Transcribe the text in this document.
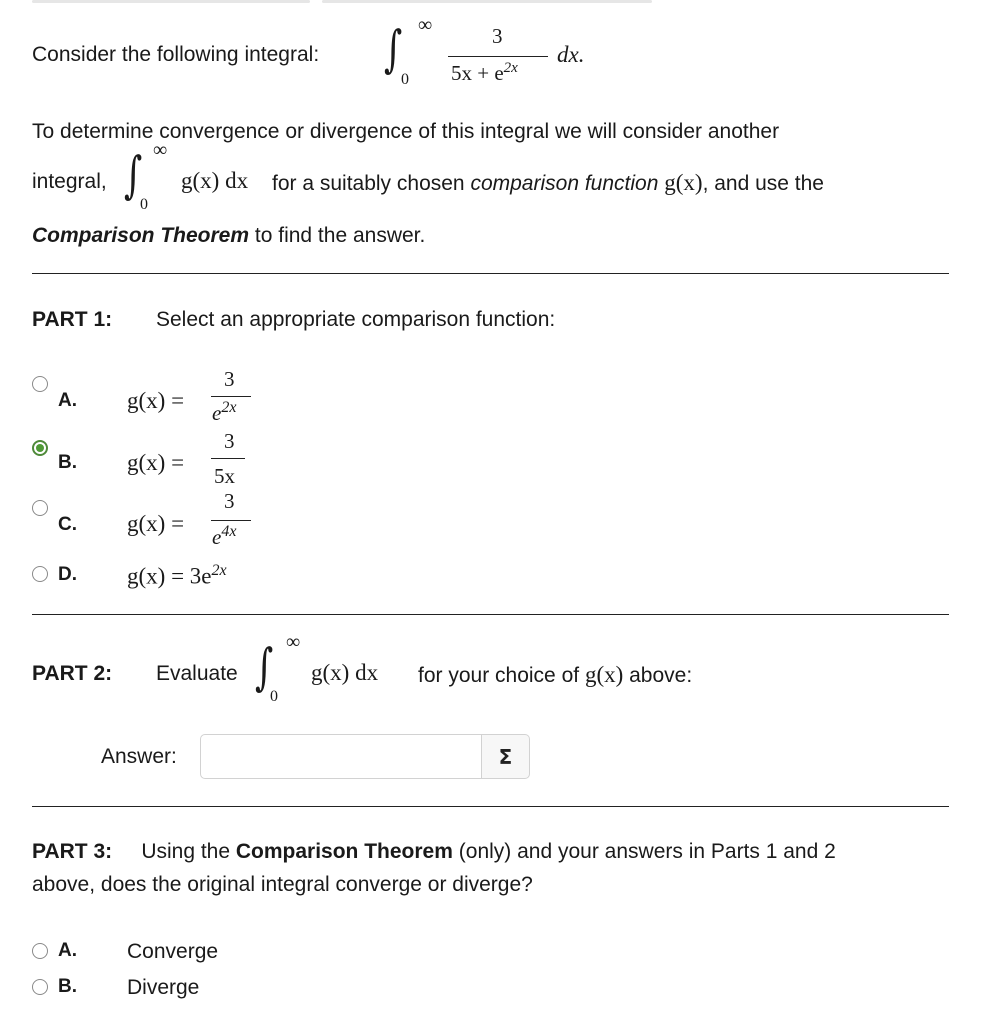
Consider the following integral: ∫ ∞
0
3
$5x + e^{2x}$
dx.
To determine convergence or divergence of this integral we will consider another
integral, ∫ ∞
0
g(x) dx for a suitably chosen comparison function g(x), and use the
Comparison Theorem to find the answer.
PART 1: Select an appropriate comparison function:
A. g(x) =
3
$e^{2x}$
B. g(x) =
3
5x
C. g(x) =
3
$e^{4x}$
D. $g(x) = 3e^{2x}$
PART 2: Evaluate ∫ ∞
0
g(x) dx for your choice of g(x) above:
Answer:	Σ
PART 3: Using the Comparison Theorem (only) and your answers in Parts 1 and 2
above, does the original integral converge or diverge?
A. Converge
B. Diverge
